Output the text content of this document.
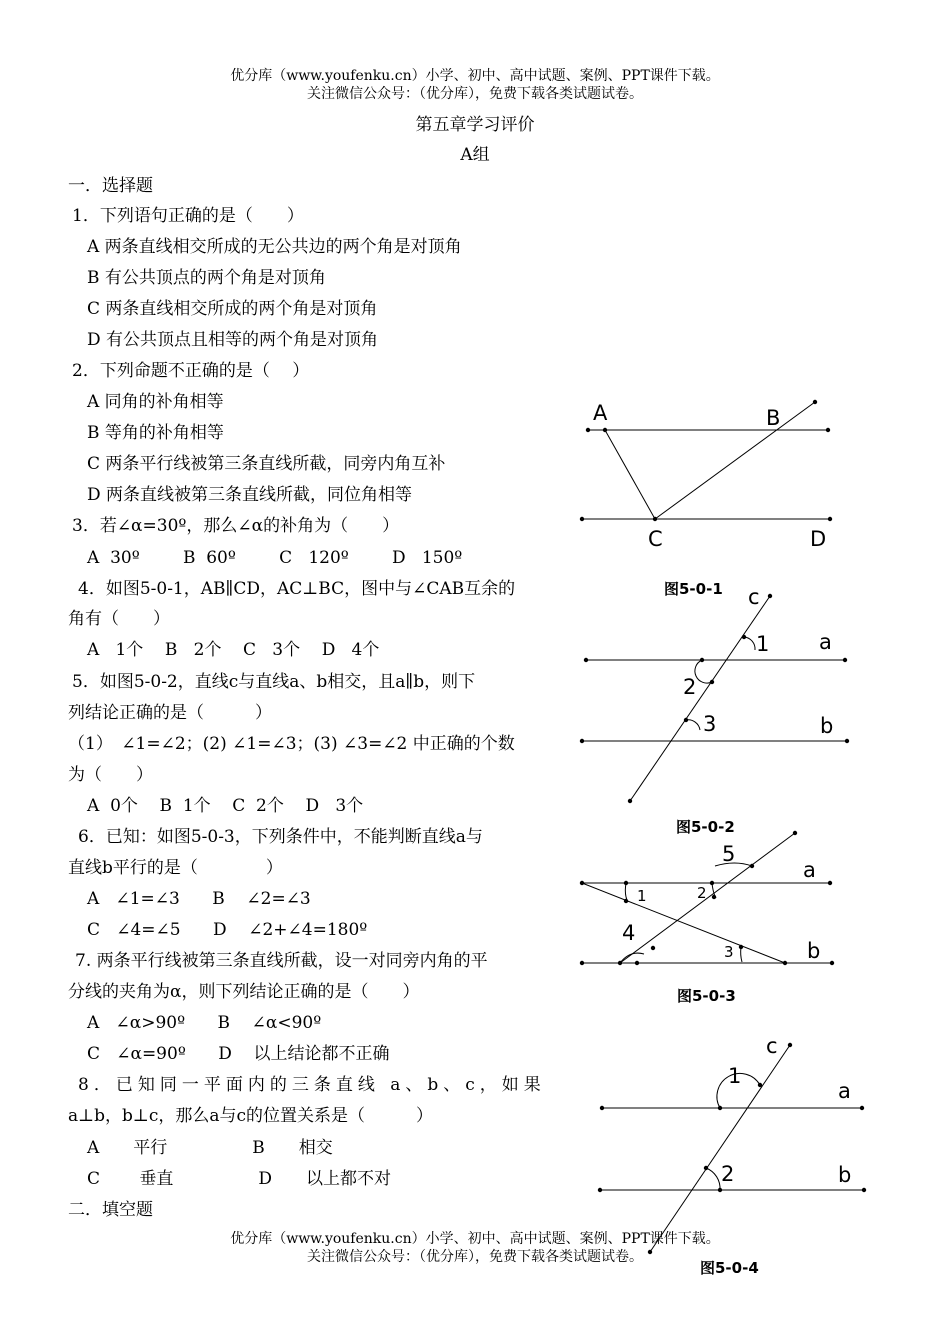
优分库（www.youfenku.cn）小学、初中、高中试题、案例、PPT课件下载。
关注微信公众号：（优分库），免费下载各类试题试卷。
优分库（www.youfenku.cn）小学、初中、高中试题、案例、PPT课件下载。
关注微信公众号：（优分库），免费下载各类试题试卷。
第五章学习评价
A组
一．选择题
1．下列语句正确的是（　　）
A 两条直线相交所成的无公共边的两个角是对顶角
B 有公共顶点的两个角是对顶角
C 两条直线相交所成的两个角是对顶角
D 有公共顶点且相等的两个角是对顶角
2．下列命题不正确的是（　 ）
A 同角的补角相等
B 等角的补角相等
C 两条平行线被第三条直线所截，同旁内角互补
D 两条直线被第三条直线所截，同位角相等
3．若∠α=30º，那么∠α的补角为（　　）
A  30º        B  60º        C   120º        D   150º
4．如图5-0-1，AB∥CD，AC⊥BC，图中与∠CAB互余的
角有（　　）
A   1个    B   2个    C   3个    D   4个
5．如图5-0-2，直线c与直线a、b相交，且a∥b，则下
列结论正确的是（　　　）
（1）　∠1=∠2；(2) ∠1=∠3；(3) ∠3=∠2 中正确的个数
为（　　）
A  0个    B  1个    C  2个    D   3个
6．已知：如图5-0-3，下列条件中，不能判断直线a与
直线b平行的是（　　　　）
A   ∠1=∠3      B    ∠2=∠3
C   ∠4=∠5      D    ∠2+∠4=180º
7. 两条平行线被第三条直线所截，设一对同旁内角的平
分线的夹角为α，则下列结论正确的是（　　）
A   ∠α>90º      B    ∠α<90º
C   ∠α=90º      D    以上结论都不正确
8．已知同一平面内的三条直线 a、b、c，如果
a⊥b，b⊥c，那么a与c的位置关系是（　　　）
A　　平行　　　　　B　　相交
C　　 垂直　　　　　D　　以上都不对
二．填空题
A	B
C	D
图5-0-1 c
1 a
2
3	b
图5-0-2
5
a
1	2
4
3	b
图5-0-3
c
1
a
2	b
图5-0-4
